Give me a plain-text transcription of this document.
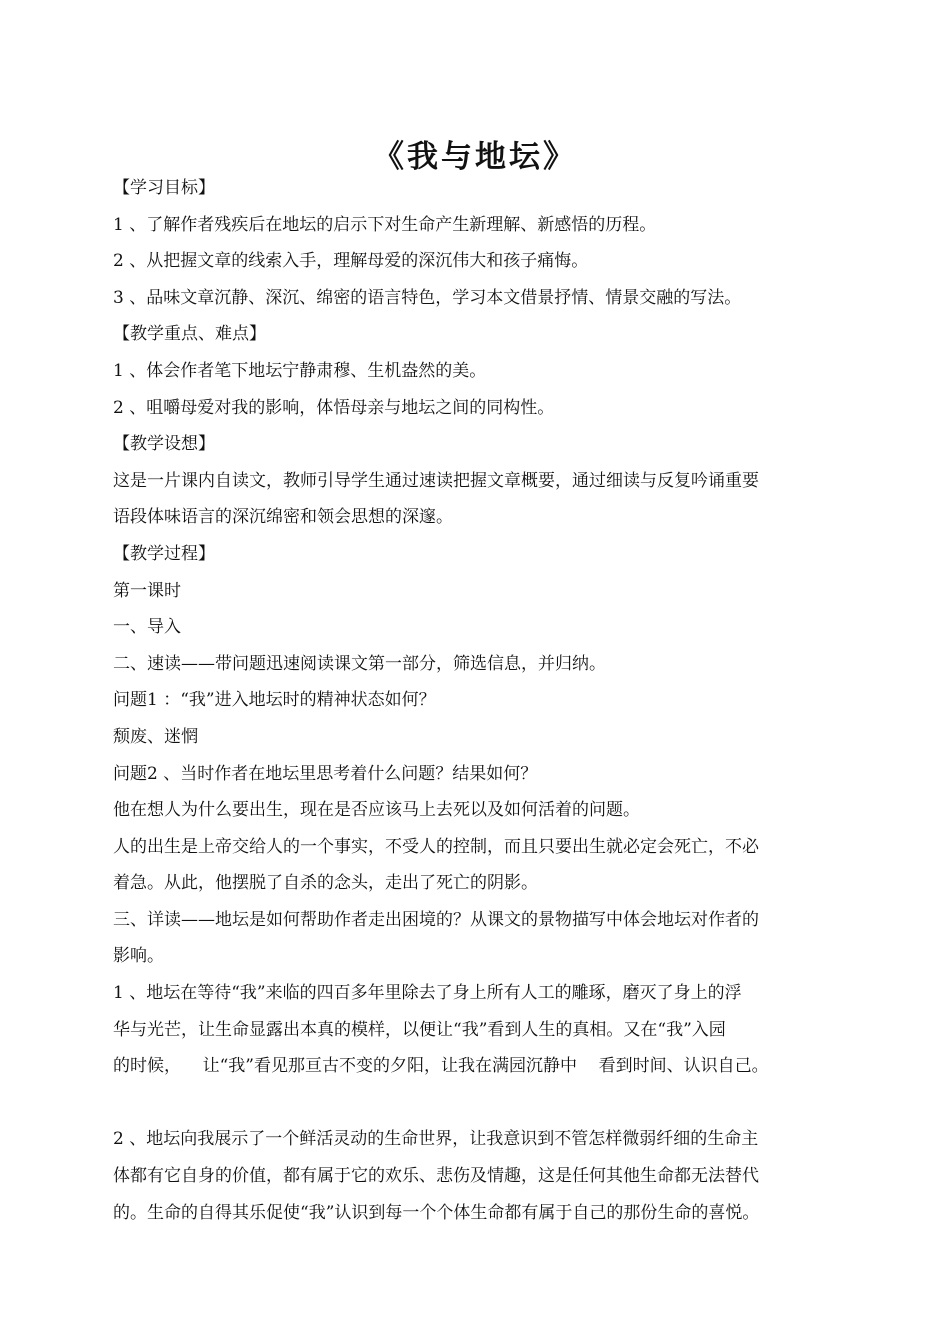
《我与地坛》
【学习目标】
1 、了解作者残疾后在地坛的启示下对生命产生新理解、新感悟的历程。
2 、从把握文章的线索入手，理解母爱的深沉伟大和孩子痛悔。
3 、品味文章沉静、深沉、绵密的语言特色，学习本文借景抒情、情景交融的写法。
【教学重点、难点】
1 、体会作者笔下地坛宁静肃穆、生机盎然的美。
2 、咀嚼母爱对我的影响，体悟母亲与地坛之间的同构性。
【教学设想】
这是一片课内自读文，教师引导学生通过速读把握文章概要，通过细读与反复吟诵重要
语段体味语言的深沉绵密和领会思想的深邃。
【教学过程】
第一课时
一、导入
二、速读——带问题迅速阅读课文第一部分，筛选信息，并归纳。
问题1 ：“我”进入地坛时的精神状态如何？
颓废、迷惘
问题2 、当时作者在地坛里思考着什么问题？结果如何？
他在想人为什么要出生，现在是否应该马上去死以及如何活着的问题。
人的出生是上帝交给人的一个事实，不受人的控制，而且只要出生就必定会死亡，不必
着急。从此，他摆脱了自杀的念头，走出了死亡的阴影。
三、详读——地坛是如何帮助作者走出困境的？从课文的景物描写中体会地坛对作者的
影响。
1 、地坛在等待“我”来临的四百多年里除去了身上所有人工的雕琢，磨灭了身上的浮
华与光芒，让生命显露出本真的模样，以便让“我”看到人生的真相。又在“我”入园
的时候，    让“我”看见那亘古不变的夕阳，让我在满园沉静中    看到时间、认识自己。
2 、地坛向我展示了一个鲜活灵动的生命世界，让我意识到不管怎样微弱纤细的生命主
体都有它自身的价值，都有属于它的欢乐、悲伤及情趣，这是任何其他生命都无法替代
的。生命的自得其乐促使“我”认识到每一个个体生命都有属于自己的那份生命的喜悦。
